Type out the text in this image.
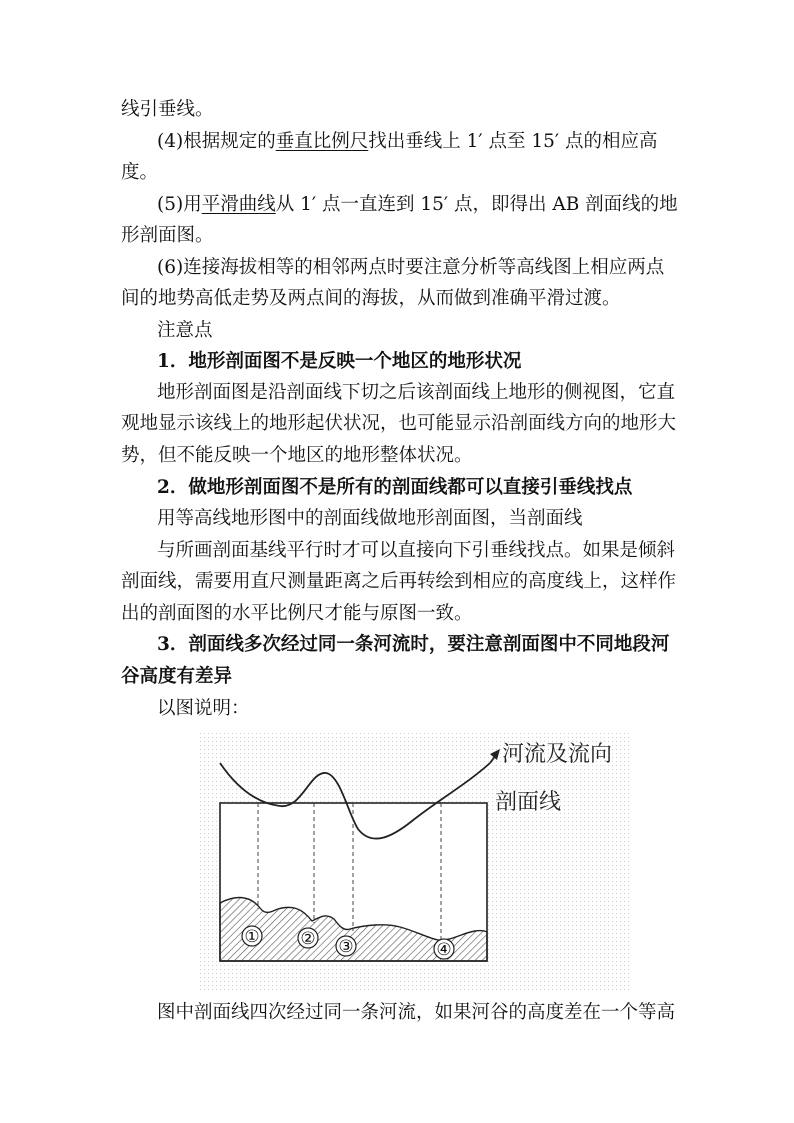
线引垂线。
(4)根据规定的垂直比例尺找出垂线上 1′ 点至 15′ 点的相应高
度。
(5)用平滑曲线从 1′ 点一直连到 15′ 点，即得出 AB 剖面线的地
形剖面图。
(6)连接海拔相等的相邻两点时要注意分析等高线图上相应两点
间的地势高低走势及两点间的海拔，从而做到准确平滑过渡。
注意点
1．地形剖面图不是反映一个地区的地形状况
地形剖面图是沿剖面线下切之后该剖面线上地形的侧视图，它直
观地显示该线上的地形起伏状况，也可能显示沿剖面线方向的地形大
势，但不能反映一个地区的地形整体状况。
2．做地形剖面图不是所有的剖面线都可以直接引垂线找点
用等高线地形图中的剖面线做地形剖面图，当剖面线
与所画剖面基线平行时才可以直接向下引垂线找点。如果是倾斜
剖面线，需要用直尺测量距离之后再转绘到相应的高度线上，这样作
出的剖面图的水平比例尺才能与原图一致。
3．剖面线多次经过同一条河流时，要注意剖面图中不同地段河
谷高度有差异
以图说明：
河流及流向
剖面线
① ② ③	④
图中剖面线四次经过同一条河流，如果河谷的高度差在一个等高
